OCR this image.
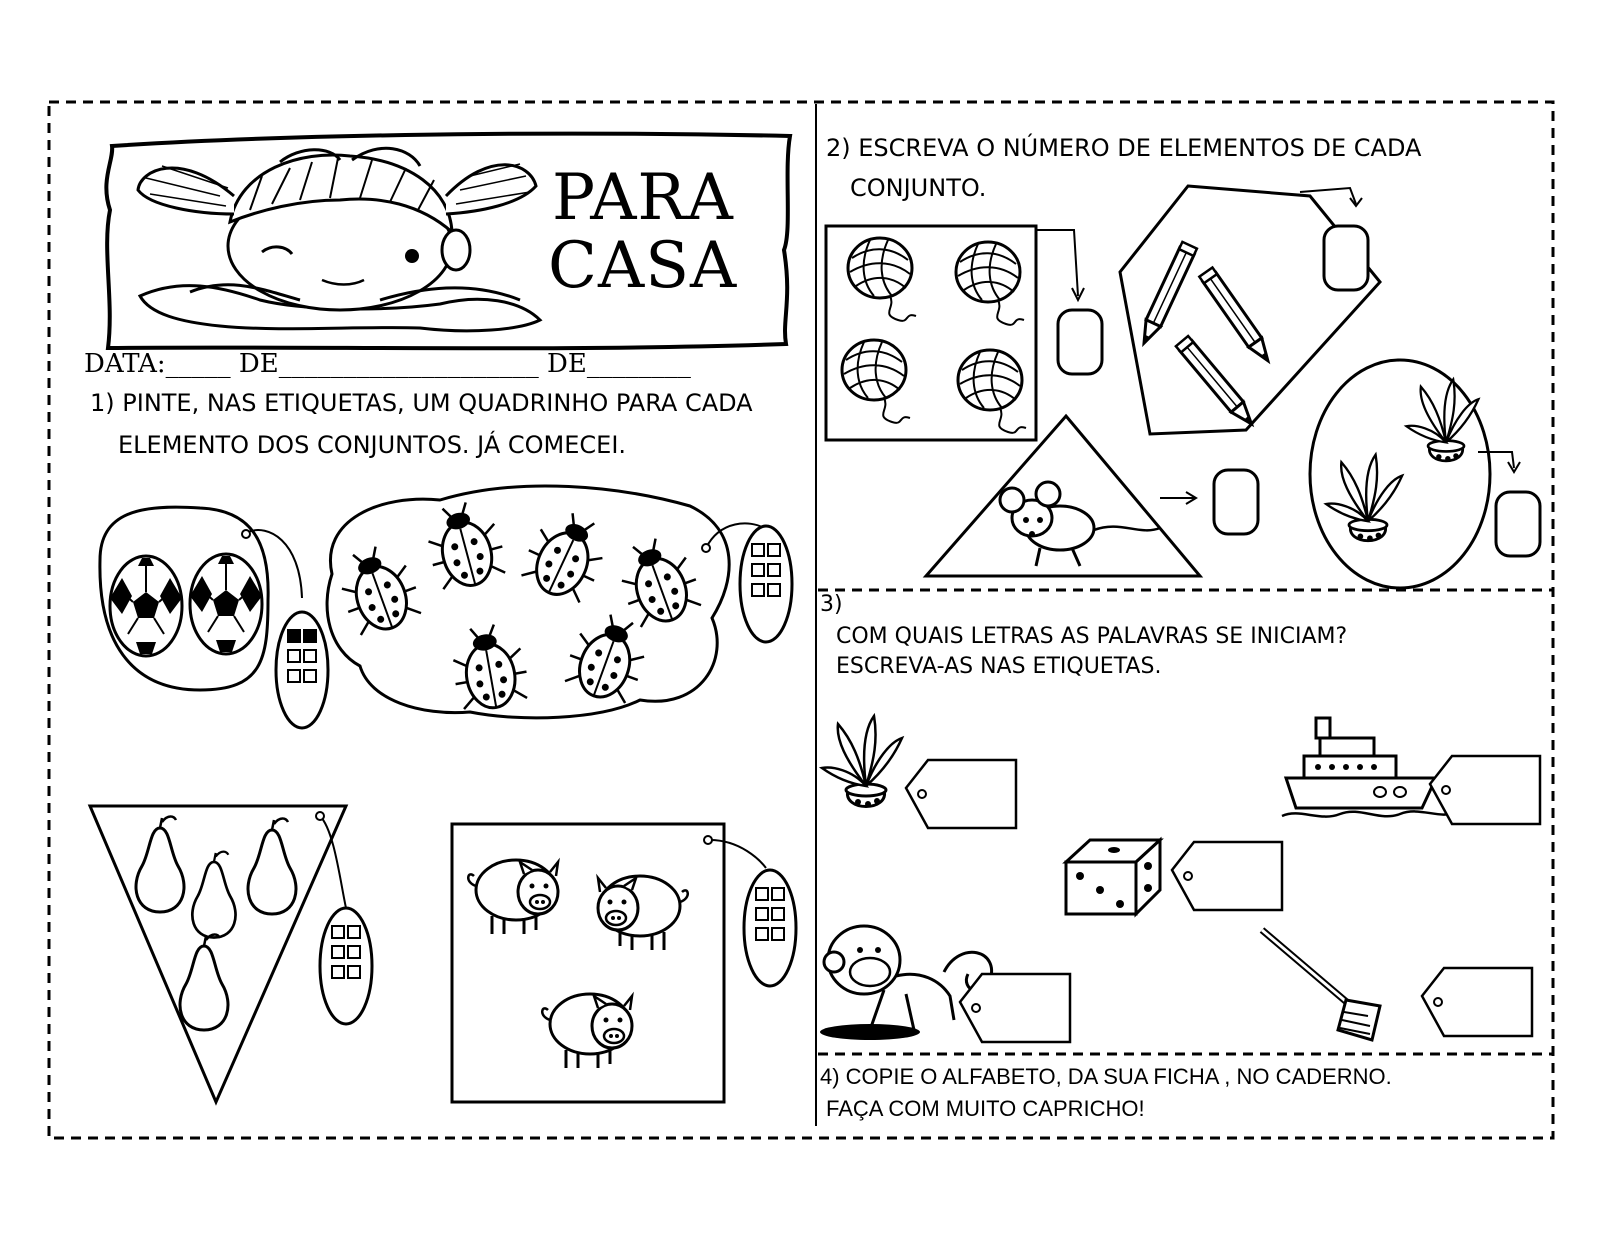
PARA
CASA
DATA:_____ DE____________________ DE________
1) PINTE, NAS ETIQUETAS, UM QUADRINHO PARA CADA
ELEMENTO DOS CONJUNTOS. JÁ COMECEI.
2) ESCREVA O NÚMERO DE ELEMENTOS DE CADA
CONJUNTO.
3)
COM QUAIS LETRAS AS PALAVRAS SE INICIAM?
ESCREVA-AS NAS ETIQUETAS.
4) COPIE O ALFABETO, DA SUA FICHA , NO CADERNO.
FAÇA COM MUITO CAPRICHO!
